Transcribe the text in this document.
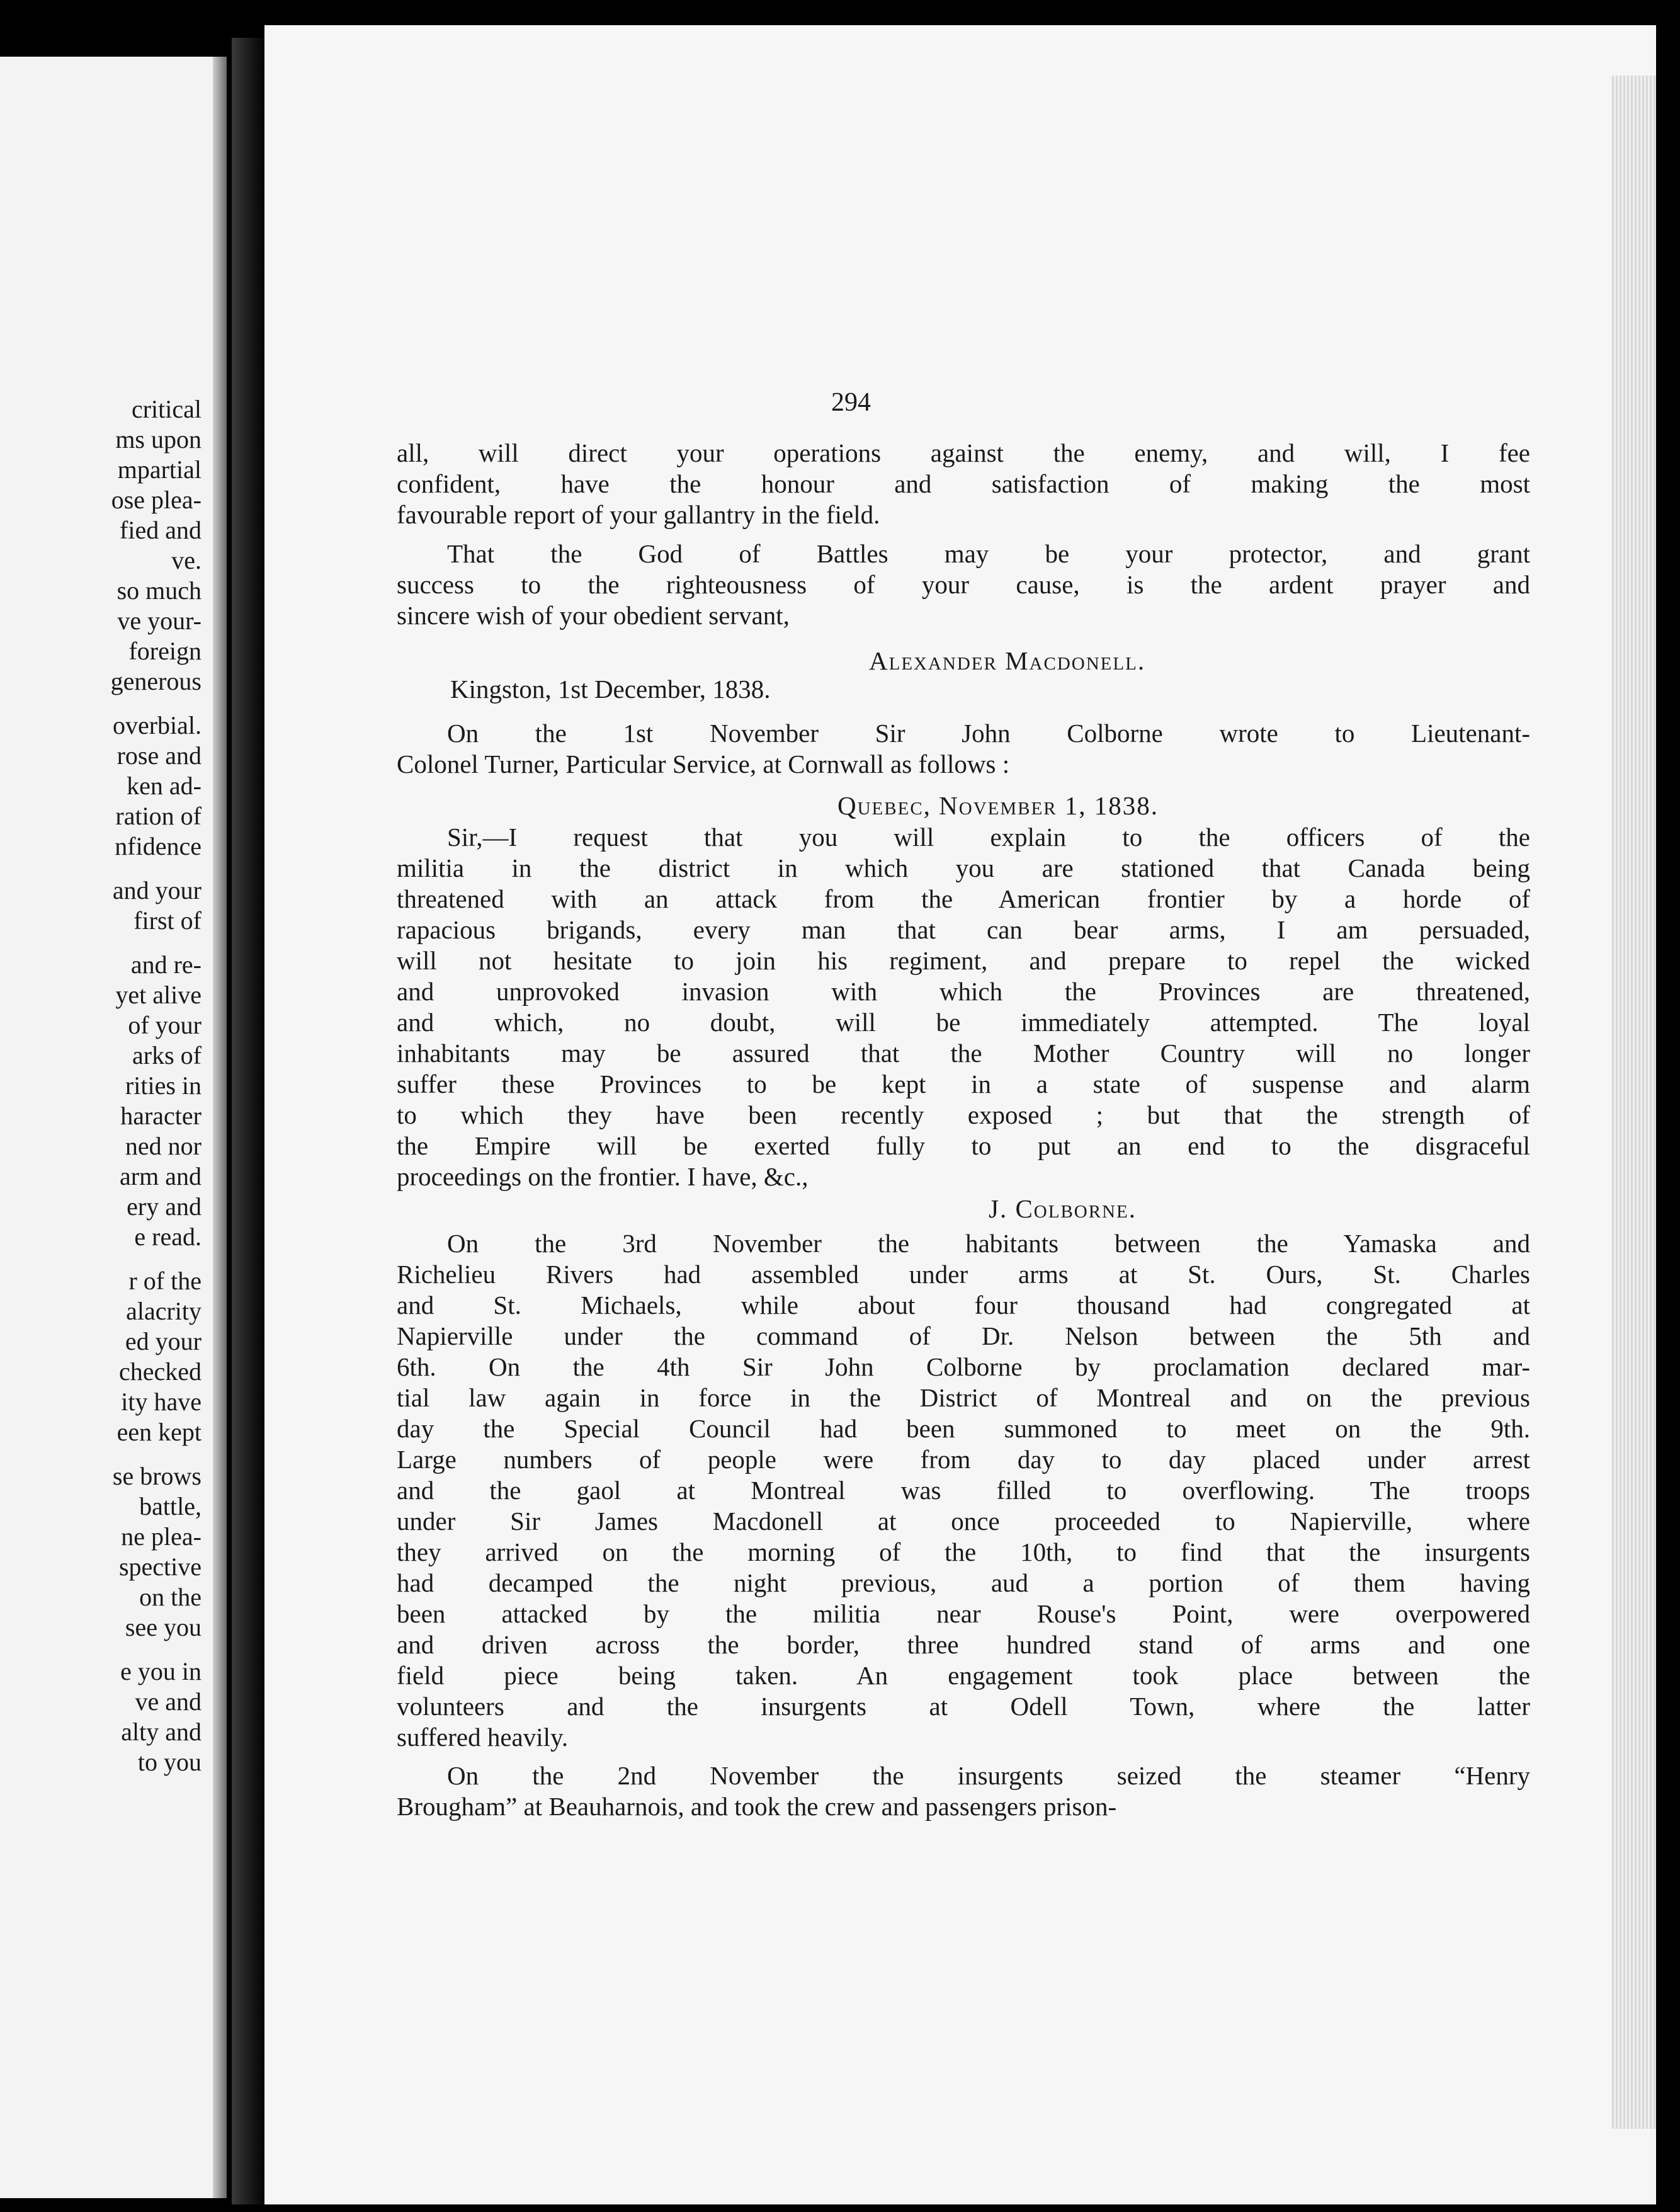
critical
ms upon
mpartial
ose plea-
fied and
ve.
so much
ve your-
foreign
generous
overbial.
rose and
ken ad-
ration of
nfidence
and your
first of
and re-
yet alive
of your
arks of
rities in
haracter
ned nor
arm and
ery and
e read.
r of the
alacrity
ed your
checked
ity have
een kept
se brows
battle,
ne plea-
spective
on the
see you
e you in
ve and
alty and
to you
294
all, will direct your operations against the enemy, and will, I fee
confident, have the honour and satisfaction of making the most
favourable report of your gallantry in the field.
That the God of Battles may be your protector, and grant
success to the righteousness of your cause, is the ardent prayer and
sincere wish of your obedient servant,
Alexander Macdonell.
Kingston, 1st December, 1838.
On the 1st November Sir John Colborne wrote to Lieutenant-
Colonel Turner, Particular Service, at Cornwall as follows :
Quebec, November 1, 1838.
Sir,—I request that you will explain to the officers of the
militia in the district in which you are stationed that Canada being
threatened with an attack from the American frontier by a horde of
rapacious brigands, every man that can bear arms, I am persuaded,
will not hesitate to join his regiment, and prepare to repel the wicked
and unprovoked invasion with which the Provinces are threatened,
and which, no doubt, will be immediately attempted. The loyal
inhabitants may be assured that the Mother Country will no longer
suffer these Provinces to be kept in a state of suspense and alarm
to which they have been recently exposed ; but that the strength of
the Empire will be exerted fully to put an end to the disgraceful
proceedings on the frontier. I have, &c.,
J. Colborne.
On the 3rd November the habitants between the Yamaska and
Richelieu Rivers had assembled under arms at St. Ours, St. Charles
and St. Michaels, while about four thousand had congregated at
Napierville under the command of Dr. Nelson between the 5th and
6th. On the 4th Sir John Colborne by proclamation declared mar-
tial law again in force in the District of Montreal and on the previous
day the Special Council had been summoned to meet on the 9th.
Large numbers of people were from day to day placed under arrest
and the gaol at Montreal was filled to overflowing. The troops
under Sir James Macdonell at once proceeded to Napierville, where
they arrived on the morning of the 10th, to find that the insurgents
had decamped the night previous, aud a portion of them having
been attacked by the militia near Rouse's Point, were overpowered
and driven across the border, three hundred stand of arms and one
field piece being taken. An engagement took place between the
volunteers and the insurgents at Odell Town, where the latter
suffered heavily.
On the 2nd November the insurgents seized the steamer “Henry
Brougham” at Beauharnois, and took the crew and passengers prison-
